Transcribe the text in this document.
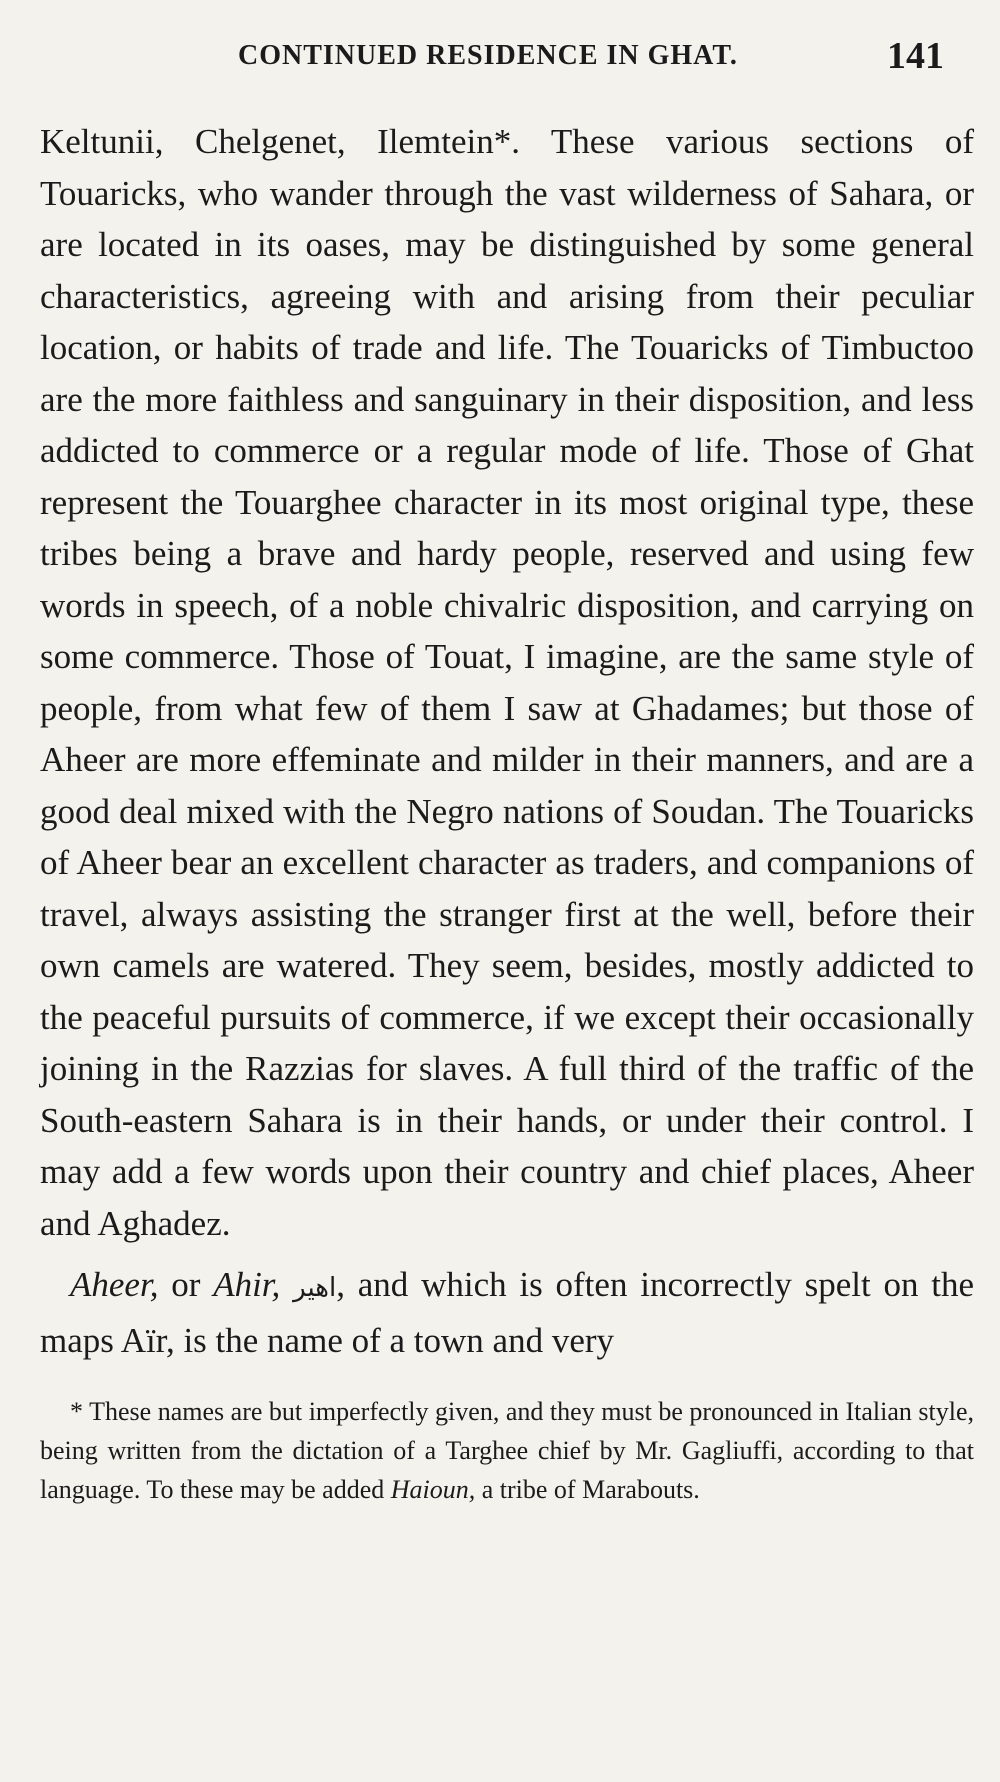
CONTINUED RESIDENCE IN GHAT.	141

Keltunii, Chelgenet, Ilemtein*. These various sections of Touaricks, who wander through the vast wilderness of Sahara, or are located in its oases, may be distinguished by some general characteristics, agreeing with and arising from their peculiar location, or habits of trade and life. The Touaricks of Timbuctoo are the more faithless and sanguinary in their disposition, and less addicted to commerce or a regular mode of life. Those of Ghat represent the Touarghee character in its most original type, these tribes being a brave and hardy people, reserved and using few words in speech, of a noble chivalric disposition, and carrying on some commerce. Those of Touat, I imagine, are the same style of people, from what few of them I saw at Ghadames; but those of Aheer are more effeminate and milder in their manners, and are a good deal mixed with the Negro nations of Soudan. The Touaricks of Aheer bear an excellent character as traders, and companions of travel, always assisting the stranger first at the well, before their own camels are watered. They seem, besides, mostly addicted to the peaceful pursuits of commerce, if we except their occasionally joining in the Razzias for slaves. A full third of the traffic of the South-eastern Sahara is in their hands, or under their control. I may add a few words upon their country and chief places, Aheer and Aghadez.

Aheer, or Ahir, اهير, and which is often incorrectly spelt on the maps Aïr, is the name of a town and very

* These names are but imperfectly given, and they must be pronounced in Italian style, being written from the dictation of a Targhee chief by Mr. Gagliuffi, according to that language. To these may be added Haioun, a tribe of Marabouts.
